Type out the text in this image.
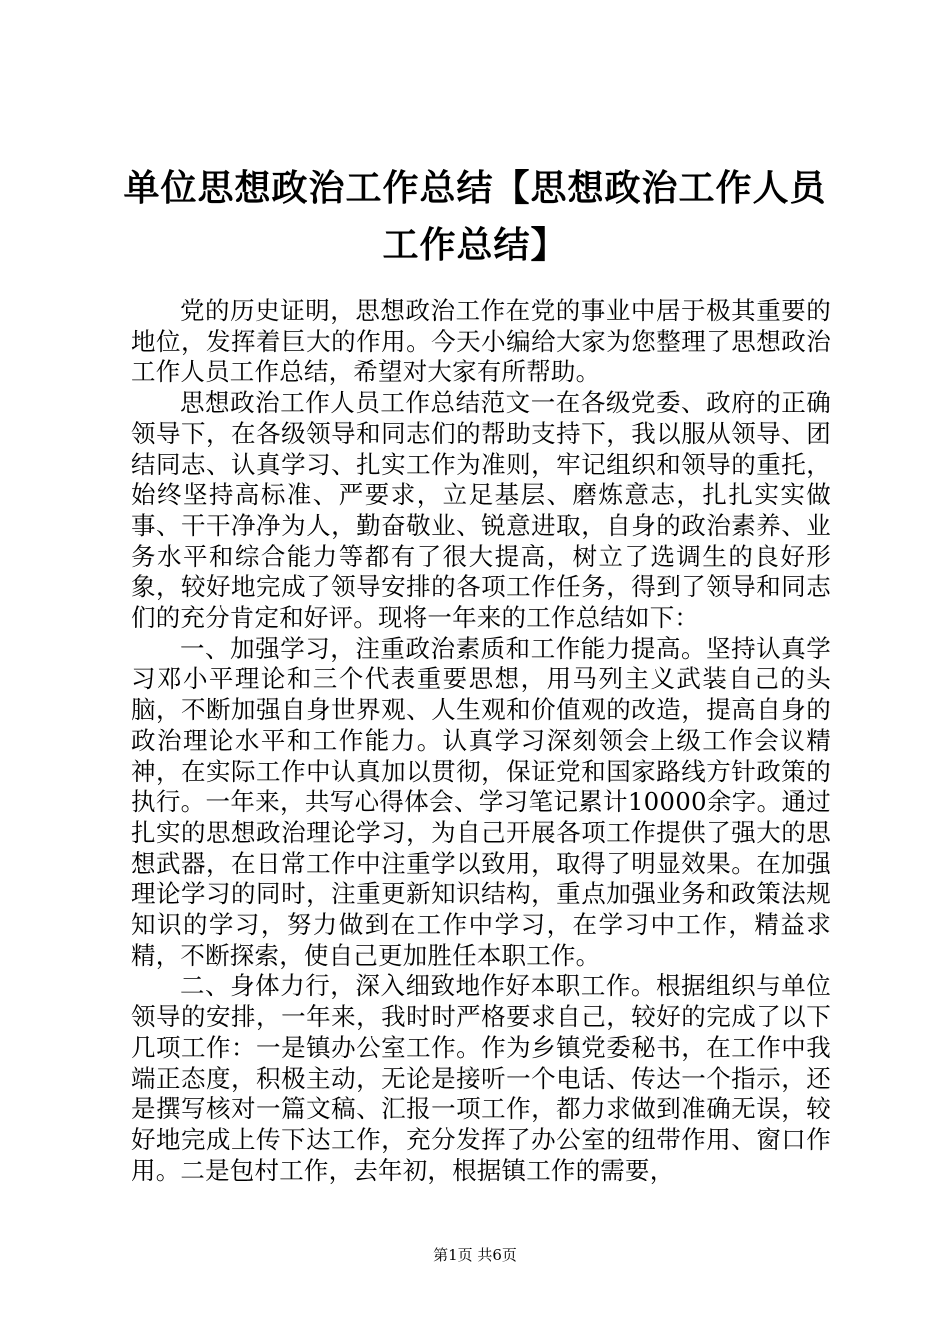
单位思想政治工作总结【思想政治工作人员工作总结】

党的历史证明，思想政治工作在党的事业中居于极其重要的地位，发挥着巨大的作用。今天小编给大家为您整理了思想政治工作人员工作总结，希望对大家有所帮助。

思想政治工作人员工作总结范文一在各级党委、政府的正确领导下，在各级领导和同志们的帮助支持下，我以服从领导、团结同志、认真学习、扎实工作为准则，牢记组织和领导的重托，始终坚持高标准、严要求，立足基层、磨炼意志，扎扎实实做事、干干净净为人，勤奋敬业、锐意进取，自身的政治素养、业务水平和综合能力等都有了很大提高，树立了选调生的良好形象，较好地完成了领导安排的各项工作任务，得到了领导和同志们的充分肯定和好评。现将一年来的工作总结如下：

一、加强学习，注重政治素质和工作能力提高。坚持认真学习邓小平理论和三个代表重要思想，用马列主义武装自己的头脑，不断加强自身世界观、人生观和价值观的改造，提高自身的政治理论水平和工作能力。认真学习深刻领会上级工作会议精神，在实际工作中认真加以贯彻，保证党和国家路线方针政策的执行。一年来，共写心得体会、学习笔记累计10000余字。通过扎实的思想政治理论学习，为自己开展各项工作提供了强大的思想武器，在日常工作中注重学以致用，取得了明显效果。在加强理论学习的同时，注重更新知识结构，重点加强业务和政策法规知识的学习，努力做到在工作中学习，在学习中工作，精益求精，不断探索，使自己更加胜任本职工作。

二、身体力行，深入细致地作好本职工作。根据组织与单位领导的安排，一年来，我时时严格要求自己，较好的完成了以下几项工作：一是镇办公室工作。作为乡镇党委秘书，在工作中我端正态度，积极主动，无论是接听一个电话、传达一个指示，还是撰写核对一篇文稿、汇报一项工作，都力求做到准确无误，较好地完成上传下达工作，充分发挥了办公室的纽带作用、窗口作用。二是包村工作，去年初，根据镇工作的需要，

第1页 共6页
